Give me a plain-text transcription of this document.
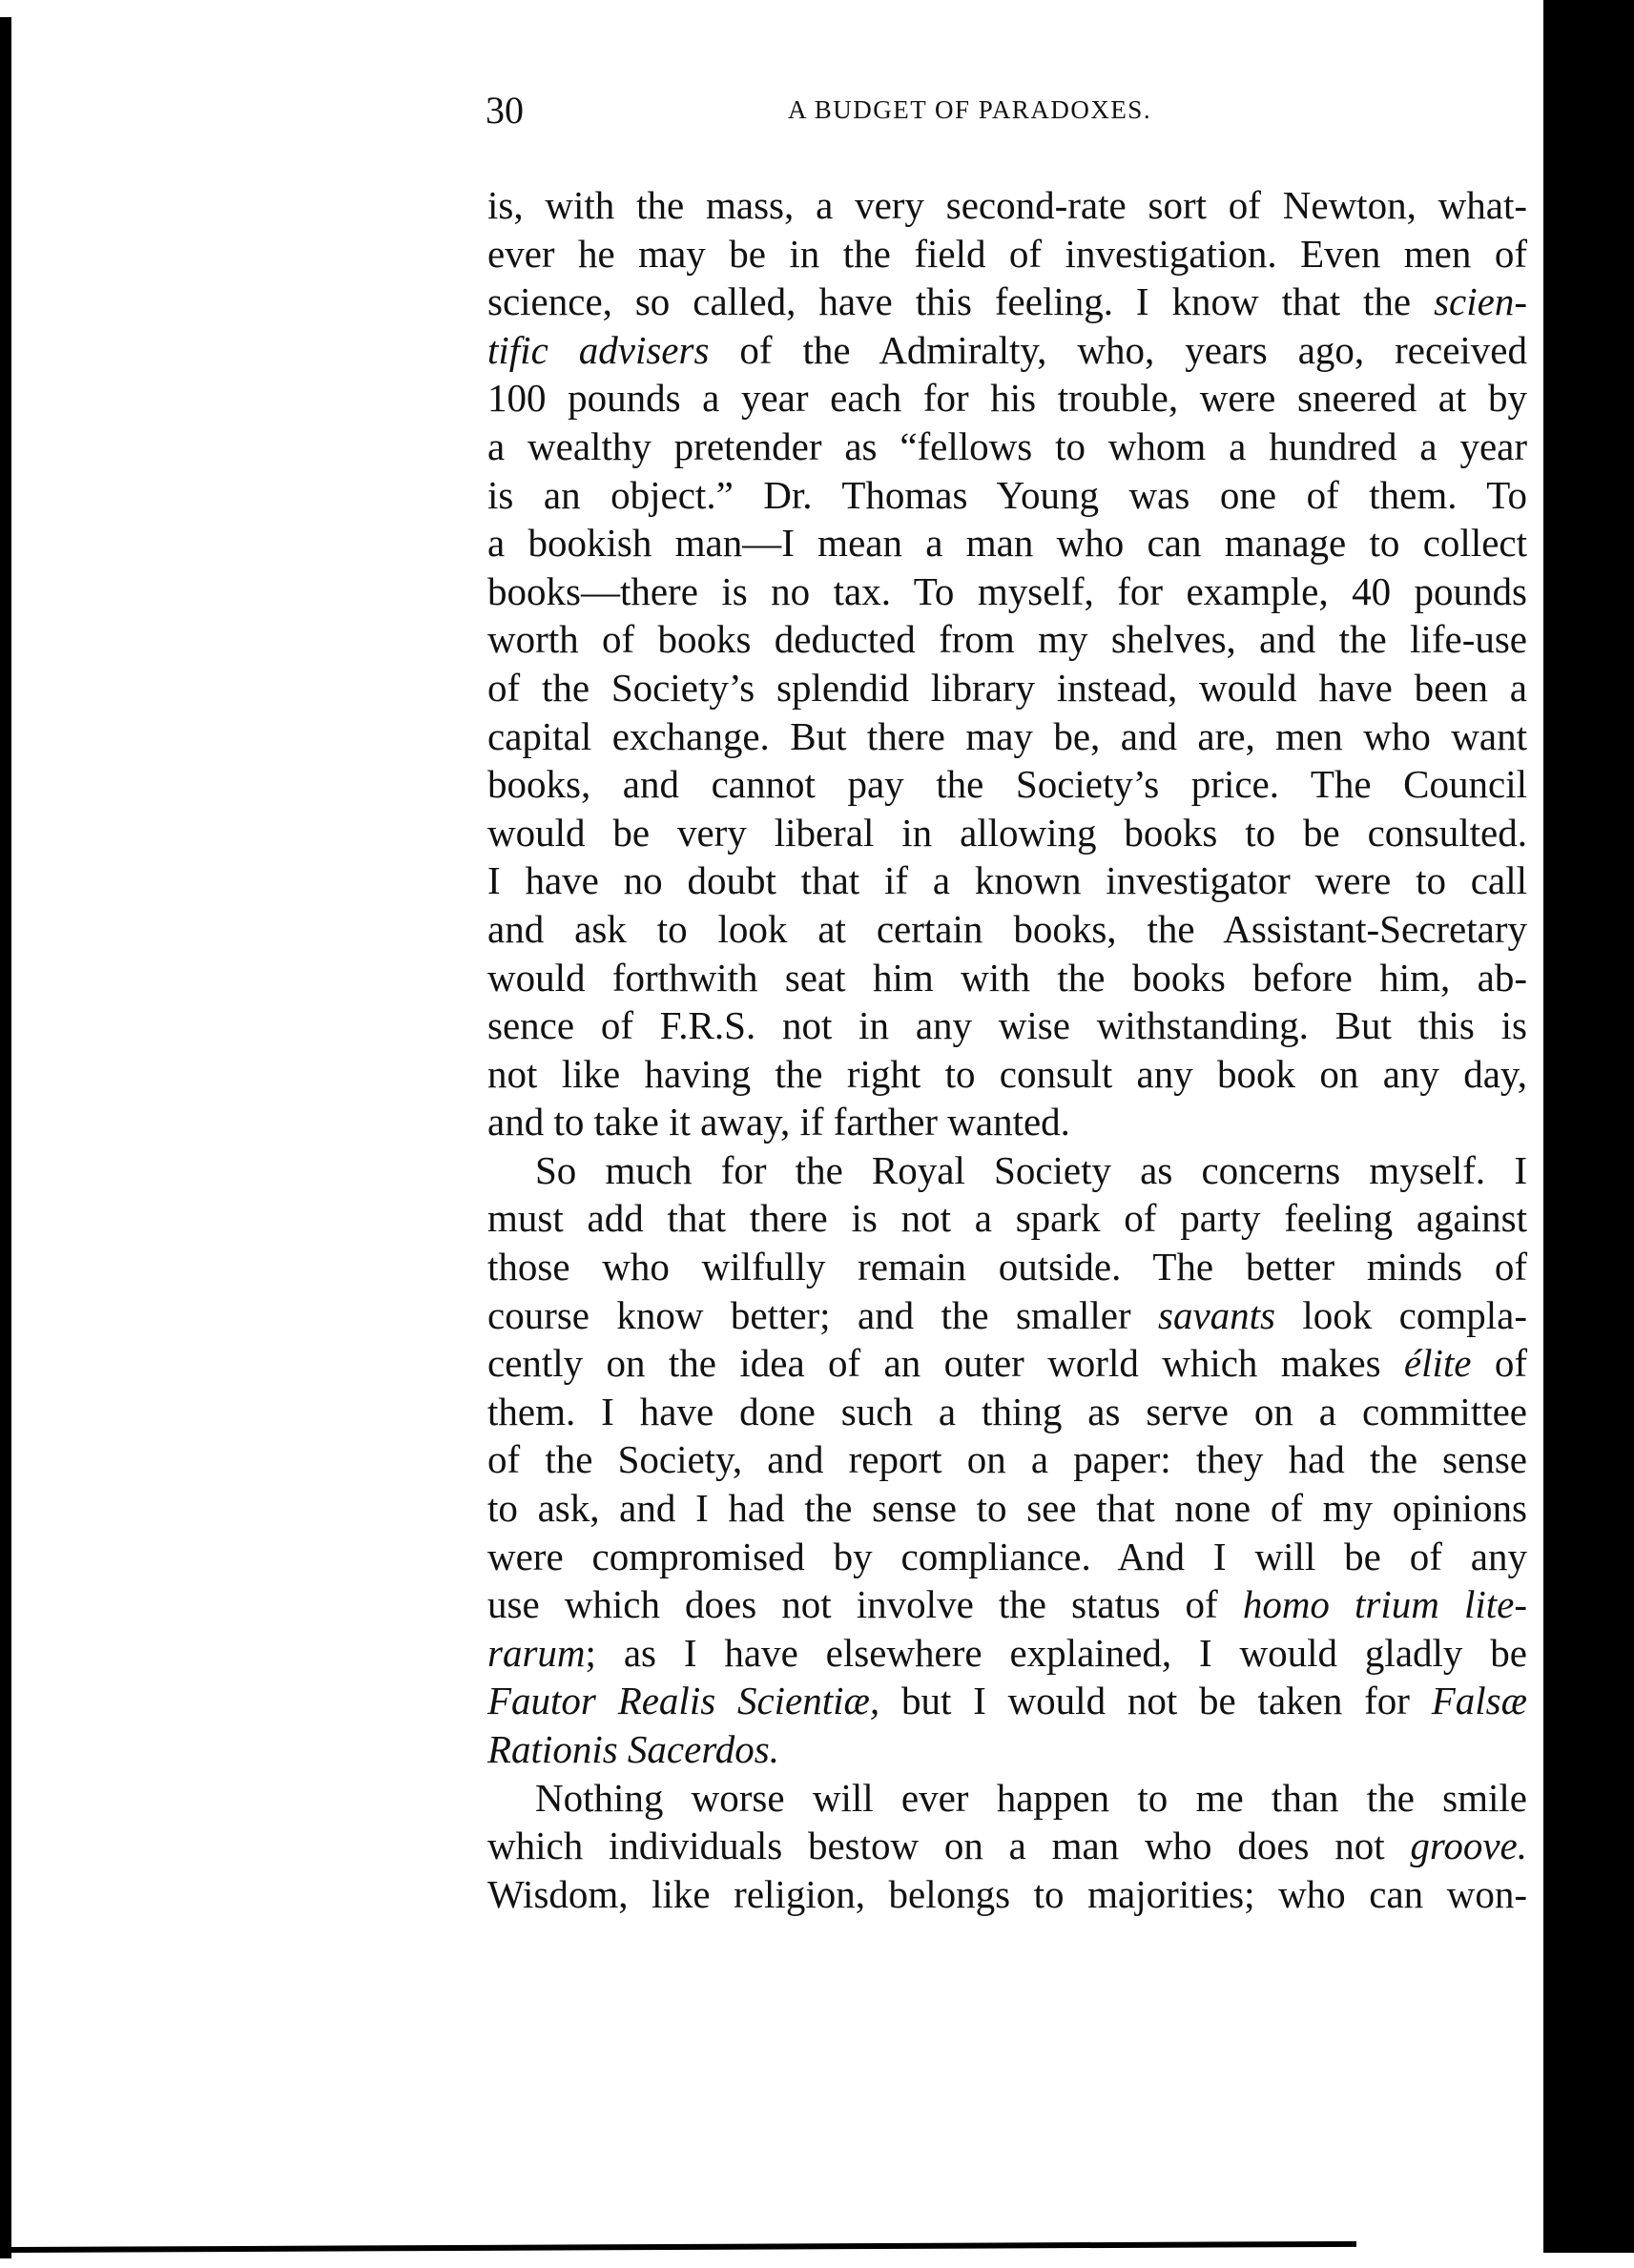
30	A BUDGET OF PARADOXES.
is, with the mass, a very second-rate sort of Newton, what-
ever he may be in the field of investigation. Even men of
science, so called, have this feeling. I know that the scien-
tific advisers of the Admiralty, who, years ago, received
100 pounds a year each for his trouble, were sneered at by
a wealthy pretender as “fellows to whom a hundred a year
is an object.” Dr. Thomas Young was one of them. To
a bookish man—I mean a man who can manage to collect
books—there is no tax. To myself, for example, 40 pounds
worth of books deducted from my shelves, and the life-use
of the Society’s splendid library instead, would have been a
capital exchange. But there may be, and are, men who want
books, and cannot pay the Society’s price. The Council
would be very liberal in allowing books to be consulted.
I have no doubt that if a known investigator were to call
and ask to look at certain books, the Assistant-Secretary
would forthwith seat him with the books before him, ab-
sence of F.R.S. not in any wise withstanding. But this is
not like having the right to consult any book on any day,
and to take it away, if farther wanted.
So much for the Royal Society as concerns myself. I
must add that there is not a spark of party feeling against
those who wilfully remain outside. The better minds of
course know better; and the smaller savants look compla-
cently on the idea of an outer world which makes élite of
them. I have done such a thing as serve on a committee
of the Society, and report on a paper: they had the sense
to ask, and I had the sense to see that none of my opinions
were compromised by compliance. And I will be of any
use which does not involve the status of homo trium lite-
rarum; as I have elsewhere explained, I would gladly be
Fautor Realis Scientiæ, but I would not be taken for Falsæ
Rationis Sacerdos.
Nothing worse will ever happen to me than the smile
which individuals bestow on a man who does not groove.
Wisdom, like religion, belongs to majorities; who can won-
